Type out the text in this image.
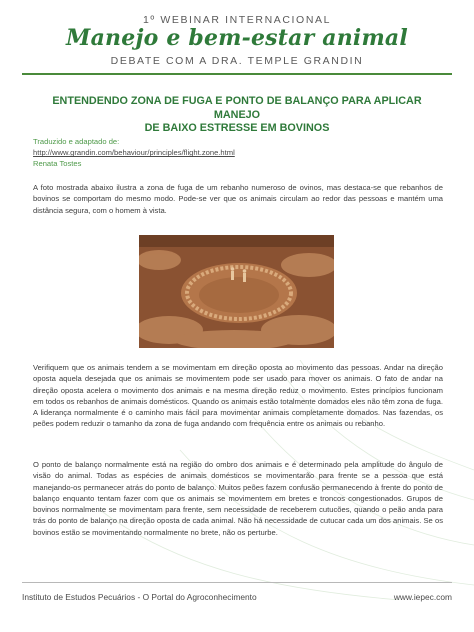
1º WEBINAR INTERNACIONAL
Manejo e bem-estar animal
DEBATE COM A DRA. TEMPLE GRANDIN
ENTENDENDO ZONA DE FUGA E PONTO DE BALANÇO PARA APLICAR MANEJO
DE BAIXO ESTRESSE EM BOVINOS
Traduzido e adaptado de:
http://www.grandin.com/behaviour/principles/flight.zone.html
Renata Tostes
A foto mostrada abaixo ilustra a zona de fuga de um rebanho numeroso de ovinos, mas destaca-se que rebanhos de bovinos se comportam do mesmo modo. Pode-se ver que os animais circulam ao redor das pessoas e mantém uma distância segura, com o homem à vista.
Verifiquem que os animais tendem a se movimentam em direção oposta ao movimento das pessoas. Andar na direção oposta aquela desejada que os animais se movimentem pode ser usado para mover os animais. O fato de andar na direção oposta acelera o movimento dos animais e na mesma direção reduz o movimento. Estes princípios funcionam em todos os rebanhos de animais domésticos. Quando os animais estão totalmente domados eles não têm zona de fuga. A liderança normalmente é o caminho mais fácil para movimentar animais completamente domados. Nas fazendas, os peões podem reduzir o tamanho da zona de fuga andando com frequência entre os animais ou rebanho.
O ponto de balanço normalmente está na região do ombro dos animais e é determinado pela amplitude do ângulo de visão do animal. Todas as espécies de animais domésticos se movimentarão para frente se a pessoa que está manejando-os permanecer atrás do ponto de balanço. Muitos peões fazem confusão permanecendo à frente do ponto de balanço enquanto tentam fazer com que os animais se movimentem em bretes e troncos congestionados. Grupos de bovinos normalmente se movimentam para frente, sem necessidade de receberem cutucões, quando o peão anda para trás do ponto de balanço na direção oposta de cada animal. Não há necessidade de cutucar cada um dos animais. Se os bovinos estão se movimentando normalmente no brete, não os perturbe.
Instituto de Estudos Pecuários - O Portal do Agroconhecimento	www.iepec.com
